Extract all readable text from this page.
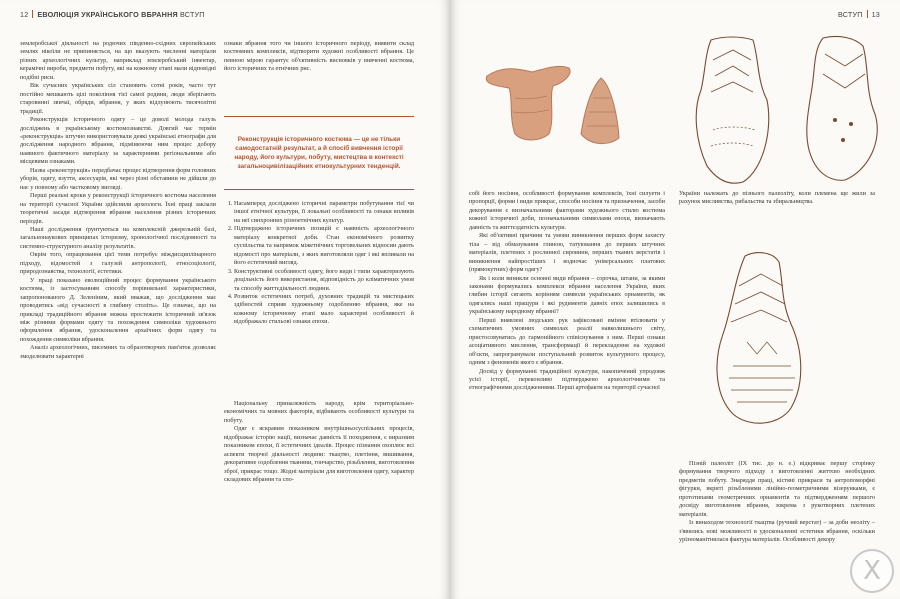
12 ЕВОЛЮЦІЯ УКРАЇНСЬКОГО ВБРАННЯ ВСТУП

землеробської діяльності на родючих південно-східних європейських землях нікоїли не припиняється, на що вказують численні матеріали різних археологічних культур, наприклад землеробський інвентар, керамічні вироби, предмети побуту, які на кожному етапі мали відповідні подібні риси.

Вік сучасних українських сіл становить сотні років, часто тут постійно мешкають цілі покоління тієї самої родини, люди зберігають старовинні звичаї, обряди, вбрання, у яких відлунюють тисячолітні традиції.

Реконструкція історичного одягу – це доволі молода галузь досліджень в українському костюмознавстві. Довгий час термін «реконструкція» штучно використовували деякі українські етнографи для дослідження народного вбрання, підмінюючи ним процес добору наявного фактичного матеріалу за характерними регіональними або місцевими ознаками.

Назва «реконструкція» передбачає процес відтворення форм головних уборів, одягу, взуття, аксесуарів, які через різні обставини не дійшли до нас у повному або частковому вигляді.

Перші реальні кроки у реконструкції історичного костюма населення на території сучасної України здійснили археологи. Їхні праці заклали теоретичні засади відтворення вбрання населення різних історичних періодів.

Наші дослідження ґрунтуються на комплексній джерельній базі, загальнонаукових принципах історизму, хронологічної послідовності та системно-структурного аналізу результатів.

Окрім того, опрацювання цієї теми потребує міждисциплінарного підходу, відомостей з галузей антропології, етносоціології, природознавства, технології, естетики.

У праці показано еволюційний процес формування українського костюма, із застосуванням способу порівняльної характеристики, запропонованого Д. Зеленіним, який вважав, що дослідження має проводитись «від сучасності в глибину століть». Це означає, що на прикладі традиційного вбрання можна простежити історичний зв'язок між різними формами одягу та похождення символіки художнього оформлення вбрання, удосконалення архаїчних форм одягу та похождення символіки вбрання.

Аналіз археологічних, писемних та образотворчих пам'яток дозволяє змоделювати характерні

ознаки вбрання того чи іншого історичного періоду, виявити склад костюмних комплексів, відтворити художні особливості вбрання. Це певною мірою гарантує об'єктивність висновків у вивченні костюма, його історичних та етнічних рис.

Реконструкція історичного костюма — це не тільки самодостатній результат, а й спосіб вивчення історії народу, його культури, побуту, мистецтва в контексті загальноцивілізаційних етнокультурних тенденцій.
1. Насамперед досліджено історичні параметри побутування тієї чи іншої етнічної культури, її локальні особливості та ознаки впливів на неї синхронних різноетнічних культур.
2. Підтверджено історичних позицій є наявність археологічного матеріалу конкретної доби. Стан економічного розвитку суспільства та напрямок міжетнічних торговельних відносин дають відомості про матеріали, з яких виготовляли одяг і які впливали на його естетичний вигляд.
3. Конструктивні особливості одягу, його види і типи характеризують доцільність його використання, відповідність до кліматичних умов та способу життєдіяльності людини.
4. Розвиток естетичних потреб, духовних традицій та мистецьких здібностей сприяв художньому оздобленню вбрання, яке на кожному історичному етапі мало характерні особливості й відображало стильові ознаки епохи.

Національну приналежність народу, крім територіально-економічних та мовних факторів, відбивають особливості культури та побуту.

Одяг є яскравим показником внутрішньосуспільних процесів, відображає історію нації, визначає давність її походження, є виразним показником епохи, її естетичних ідеалів. Процес пізнання охоплює всі аспекти творчої діяльності людини: ткацтво, плетіння, вишивання, декоративне оздоблення тканини, гончарство, різьблення, виготовлення зброї, прикрас тощо. Жодні матеріали для виготовлення одягу, характер складових вбрання та спо-

ВСТУП 13

собі його носіння, особливості формування комплексів, їхні силуети і пропорції, форми і види прикрас, способи носіння та призначення, засоби декорування є визначальними факторами художнього стилю костюма кожної історичної доби, позначальними символами епохи, визначають давність та життєздатність культури.

Які об'єктивні причини та умови виникнення перших форм захисту тіла – від обмазування глиною, татуювання до перших штучних матеріалів, плетених з рослинної сировини, перших тканих верстатів і виникнення найпростіших і водночас універсальних платових (прямокутних) форм одягу?

Як і коли виникли основні види вбрання – сорочка, штани, за якими законами формувались комплекси вбрання населення України, яких глибин історії сягають корінням символи українських орнаментів, як одягались наші пращури і які рудименти давніх епох залишились в українському народному вбранні?

Перші виявлені людських рук зафіксовані вміння втілювати у схематичних умовних символах реалії навколишнього світу, пристосовуватись до гармонійного співіснування з ним. Перші ознаки асоціативного мислення, трансформації й перекладення на художні об'єкти, запрограмували поступальний розвиток культурного процесу, одним з феноменів якого є вбрання.

Досвід у формуванні традиційної культури, накопичений упродовж усієї історії, переконливо підтверджено археологічними та етнографічними дослідженнями. Перші артефакти на території сучасної

України належать до пізнього палеоліту, коли племена ще жили за рахунок мисливства, рибальства та збиральництва.

Пізній палеоліт (IX тис. до н. е.) відкриває першу сторінку формування творчого підходу з виготовленні життєво необхідних предметів побуту. Знаряддя праці, кістяні прикраси та антропоморфні фігурки, вкриті різьбленими лінійно-геометричними візерунками, є прототипами геометричних орнаментів та підтвердженням першого досвіду виготовлення вбрання, зокрема з рукотворних плетених матеріалів.

Із винаходом технології ткацтва (ручний верстат) – за доби неоліту – з'явились нові можливості в удосконаленні естетики вбрання, оскільки урізноманітнилася фактура матеріалів. Особливості декору

X
